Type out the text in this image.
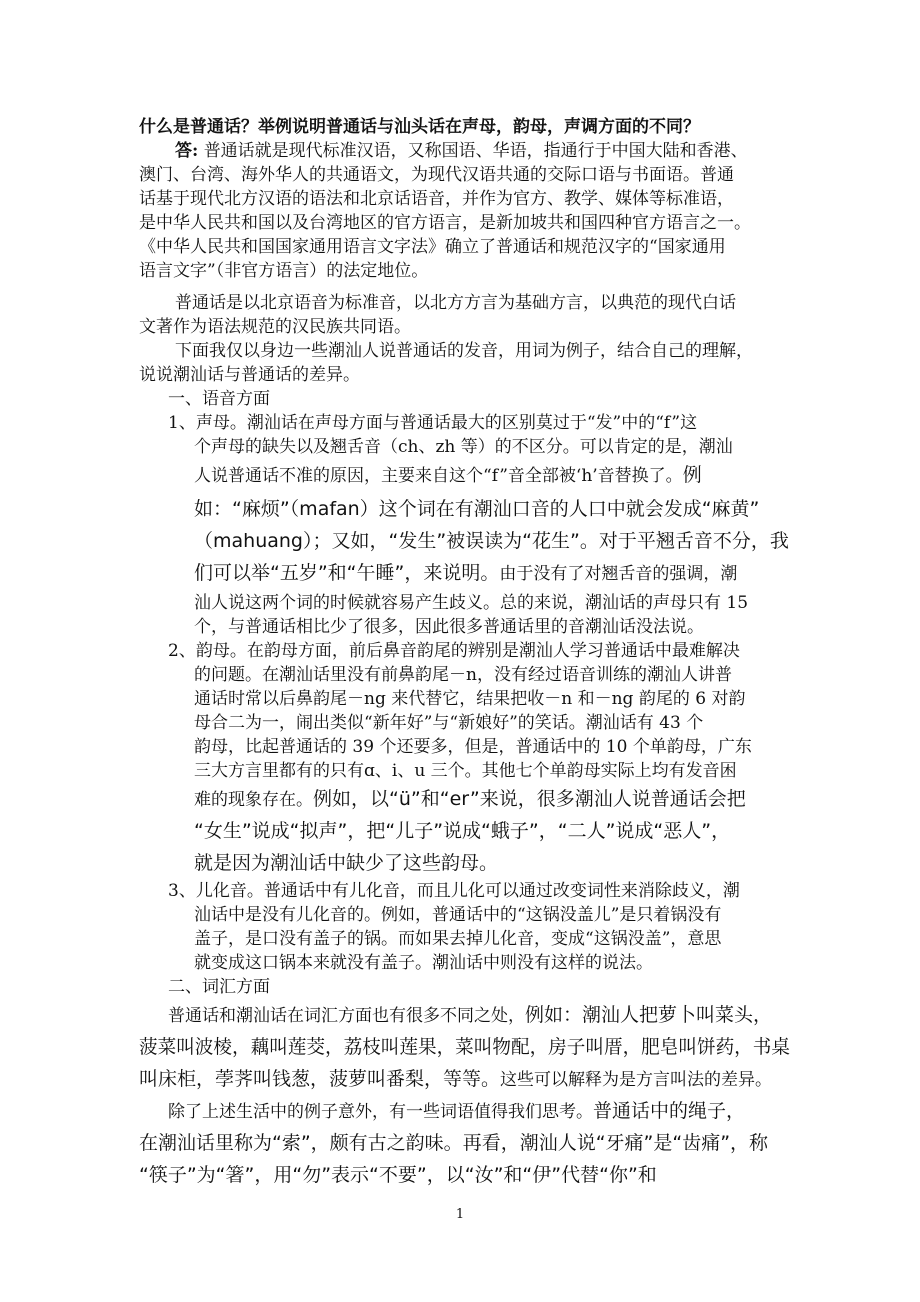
什么是普通话？举例说明普通话与汕头话在声母，韵母，声调方面的不同？
答: 普通话就是现代标准汉语，又称国语、华语，指通行于中国大陆和香港、
澳门、台湾、海外华人的共通语文，为现代汉语共通的交际口语与书面语。普通
话基于现代北方汉语的语法和北京话语音，并作为官方、教学、媒体等标准语，
是中华人民共和国以及台湾地区的官方语言，是新加坡共和国四种官方语言之一。
《中华人民共和国国家通用语言文字法》确立了普通话和规范汉字的“国家通用
语言文字”（非官方语言）的法定地位。
普通话是以北京语音为标准音，以北方方言为基础方言，以典范的现代白话
文著作为语法规范的汉民族共同语。
下面我仅以身边一些潮汕人说普通话的发音，用词为例子，结合自己的理解，
说说潮汕话与普通话的差异。
一、语音方面
1、声母。潮汕话在声母方面与普通话最大的区别莫过于“发”中的“f”这
个声母的缺失以及翘舌音（ch、zh 等）的不区分。可以肯定的是，潮汕
人说普通话不准的原因，主要来自这个“f”音全部被‘h’音替换了。例
如：“麻烦”（mafan）这个词在有潮汕口音的人口中就会发成“麻黄”
（mahuang）；又如，“发生”被误读为“花生”。对于平翘舌音不分，我
们可以举“五岁”和“午睡”，来说明。由于没有了对翘舌音的强调，潮
汕人说这两个词的时候就容易产生歧义。总的来说，潮汕话的声母只有 15
个，与普通话相比少了很多，因此很多普通话里的音潮汕话没法说。
2、韵母。在韵母方面，前后鼻音韵尾的辨别是潮汕人学习普通话中最难解决
的问题。在潮汕话里没有前鼻韵尾－n，没有经过语音训练的潮汕人讲普
通话时常以后鼻韵尾－ng 来代替它，结果把收－n 和－ng 韵尾的 6 对韵
母合二为一，闹出类似“新年好”与“新娘好”的笑话。潮汕话有 43 个
韵母，比起普通话的 39 个还要多，但是，普通话中的 10 个单韵母，广东
三大方言里都有的只有ɑ、i、u 三个。其他七个单韵母实际上均有发音困
难的现象存在。例如，以“ü”和“er”来说，很多潮汕人说普通话会把
“女生”说成“拟声”，把“儿子”说成“蛾子”，“二人”说成“恶人”，
就是因为潮汕话中缺少了这些韵母。
3、儿化音。普通话中有儿化音，而且儿化可以通过改变词性来消除歧义，潮
汕话中是没有儿化音的。例如，普通话中的“这锅没盖儿”是只着锅没有
盖子，是口没有盖子的锅。而如果去掉儿化音，变成“这锅没盖”，意思
就变成这口锅本来就没有盖子。潮汕话中则没有这样的说法。
二、词汇方面
普通话和潮汕话在词汇方面也有很多不同之处，例如：潮汕人把萝卜叫菜头，
菠菜叫波棱，藕叫莲茭，荔枝叫莲果，菜叫物配，房子叫厝，肥皂叫饼药，书桌
叫床柜，荸荠叫钱葱，菠萝叫番梨，等等。这些可以解释为是方言叫法的差异。
除了上述生活中的例子意外，有一些词语值得我们思考。普通话中的绳子，
在潮汕话里称为“索”，颇有古之韵味。再看，潮汕人说“牙痛”是“齿痛”，称
“筷子”为“箸”，用“勿”表示“不要”，以“汝”和“伊”代替“你”和
1
